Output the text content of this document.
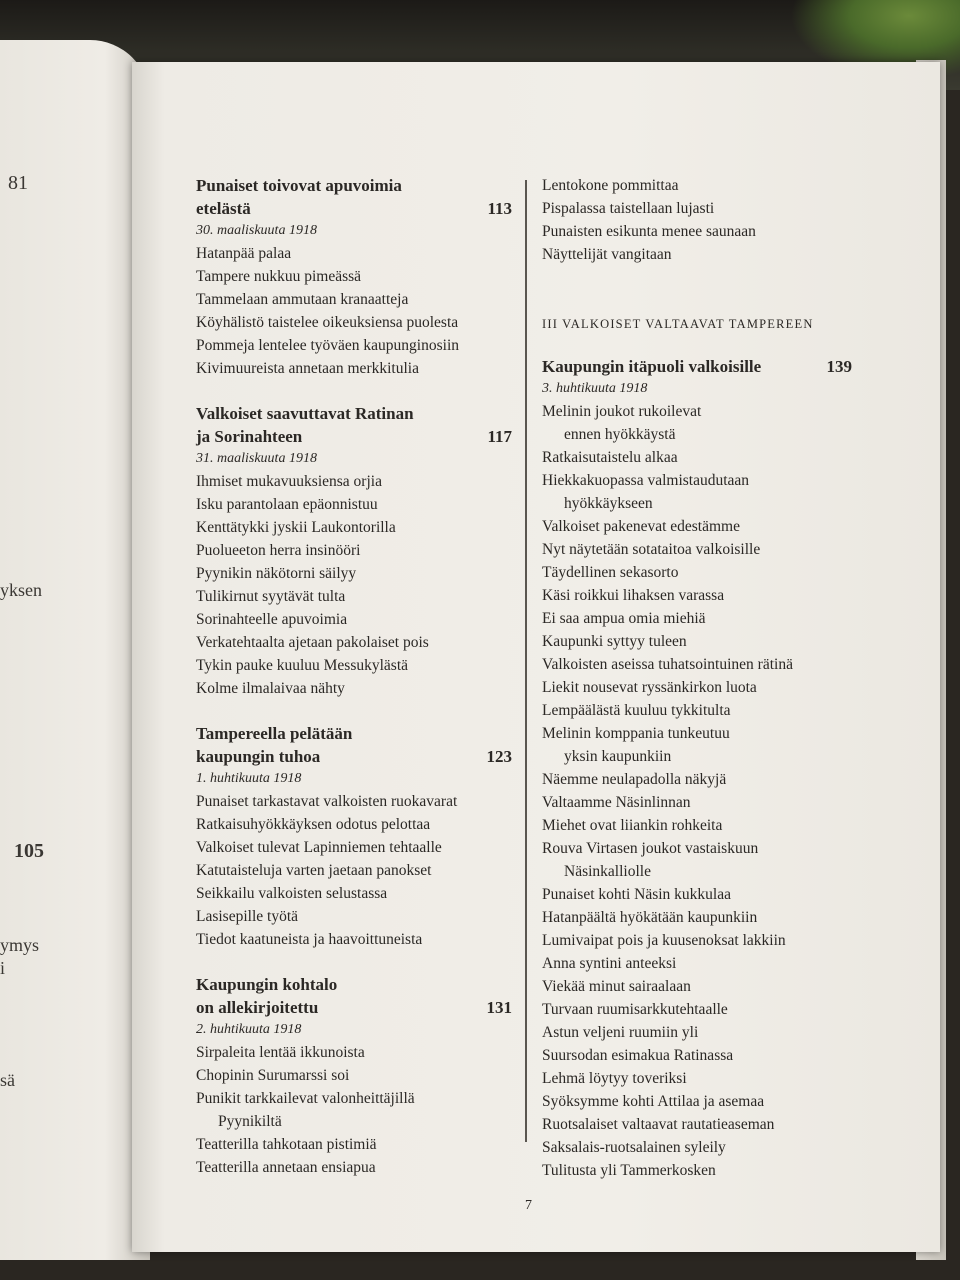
81
yksen
105
ymys
i
sä
Punaiset toivovat apuvoimia
etelästä	113
30. maaliskuuta 1918
Hatanpää palaa
Tampere nukkuu pimeässä
Tammelaan ammutaan kranaatteja
Köyhälistö taistelee oikeuksiensa puolesta
Pommeja lentelee työväen kaupunginosiin
Kivimuureista annetaan merkkitulia
Valkoiset saavuttavat Ratinan
ja Sorinahteen	117
31. maaliskuuta 1918
Ihmiset mukavuuksiensa orjia
Isku parantolaan epäonnistuu
Kenttätykki jyskii Laukontorilla
Puolueeton herra insinööri
Pyynikin näkötorni säilyy
Tulikirnut syytävät tulta
Sorinahteelle apuvoimia
Verkatehtaalta ajetaan pakolaiset pois
Tykin pauke kuuluu Messukylästä
Kolme ilmalaivaa nähty
Tampereella pelätään
kaupungin tuhoa	123
1. huhtikuuta 1918
Punaiset tarkastavat valkoisten ruokavarat
Ratkaisuhyökkäyksen odotus pelottaa
Valkoiset tulevat Lapinniemen tehtaalle
Katutaisteluja varten jaetaan panokset
Seikkailu valkoisten selustassa
Lasisepille työtä
Tiedot kaatuneista ja haavoittuneista
Kaupungin kohtalo
on allekirjoitettu	131
2. huhtikuuta 1918
Sirpaleita lentää ikkunoista
Chopinin Surumarssi soi
Punikit tarkkailevat valonheittäjillä
Pyynikiltä
Teatterilla tahkotaan pistimiä
Teatterilla annetaan ensiapua
Lentokone pommittaa
Pispalassa taistellaan lujasti
Punaisten esikunta menee saunaan
Näyttelijät vangitaan
III VALKOISET VALTAAVAT TAMPEREEN
Kaupungin itäpuoli valkoisille	139
3. huhtikuuta 1918
Melinin joukot rukoilevat
ennen hyökkäystä
Ratkaisutaistelu alkaa
Hiekkakuopassa valmistaudutaan
hyökkäykseen
Valkoiset pakenevat edestämme
Nyt näytetään sotataitoa valkoisille
Täydellinen sekasorto
Käsi roikkui lihaksen varassa
Ei saa ampua omia miehiä
Kaupunki syttyy tuleen
Valkoisten aseissa tuhatsointuinen rätinä
Liekit nousevat ryssänkirkon luota
Lempäälästä kuuluu tykkitulta
Melinin komppania tunkeutuu
yksin kaupunkiin
Näemme neulapadolla näkyjä
Valtaamme Näsinlinnan
Miehet ovat liiankin rohkeita
Rouva Virtasen joukot vastaiskuun
Näsinkalliolle
Punaiset kohti Näsin kukkulaa
Hatanpäältä hyökätään kaupunkiin
Lumivaipat pois ja kuusenoksat lakkiin
Anna syntini anteeksi
Viekää minut sairaalaan
Turvaan ruumisarkkutehtaalle
Astun veljeni ruumiin yli
Suursodan esimakua Ratinassa
Lehmä löytyy toveriksi
Syöksymme kohti Attilaa ja asemaa
Ruotsalaiset valtaavat rautatieaseman
Saksalais-ruotsalainen syleily
Tulitusta yli Tammerkosken
7
